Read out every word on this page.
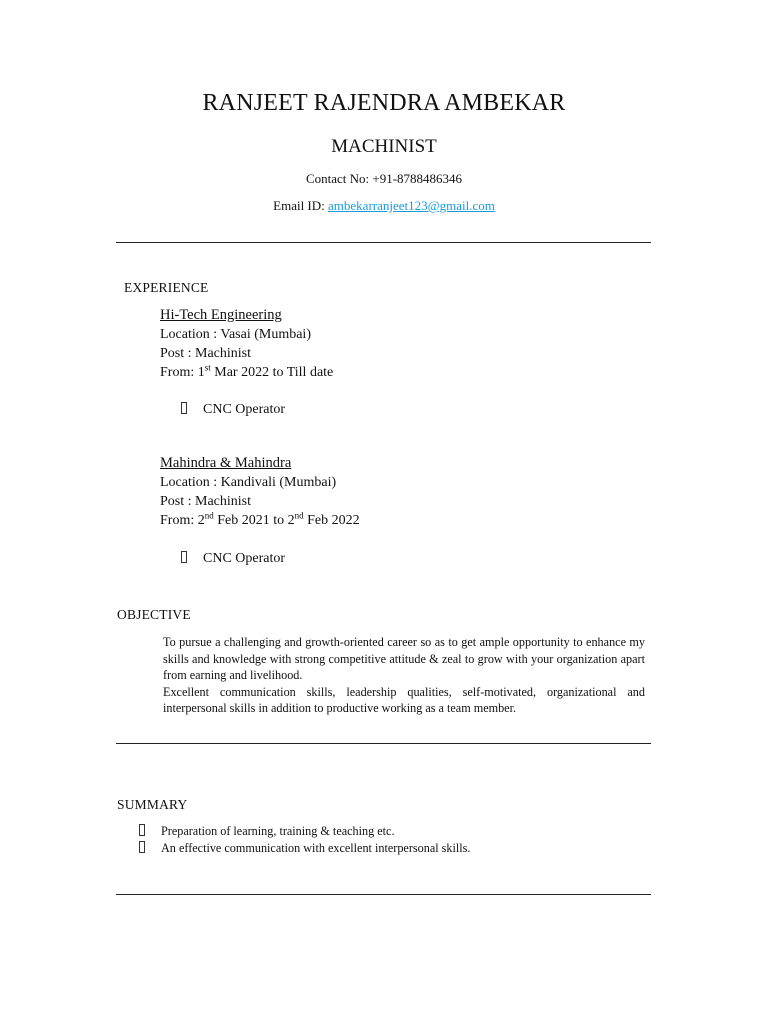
RANJEET RAJENDRA AMBEKAR
MACHINIST
Contact No: +91-8788486346
Email ID: ambekarranjeet123@gmail.com
EXPERIENCE
Hi-Tech Engineering
Location : Vasai (Mumbai)
Post : Machinist
From: 1st Mar 2022 to Till date
CNC Operator
Mahindra & Mahindra
Location : Kandivali (Mumbai)
Post : Machinist
From: 2nd Feb 2021 to 2nd Feb 2022
CNC Operator
OBJECTIVE

To pursue a challenging and growth-oriented career so as to get ample opportunity to enhance my skills and knowledge with strong competitive attitude & zeal to grow with your organization apart from earning and livelihood.

Excellent communication skills, leadership qualities, self-motivated, organizational and interpersonal skills in addition to productive working as a team member.

SUMMARY
Preparation of learning, training & teaching etc.
An effective communication with excellent interpersonal skills.
